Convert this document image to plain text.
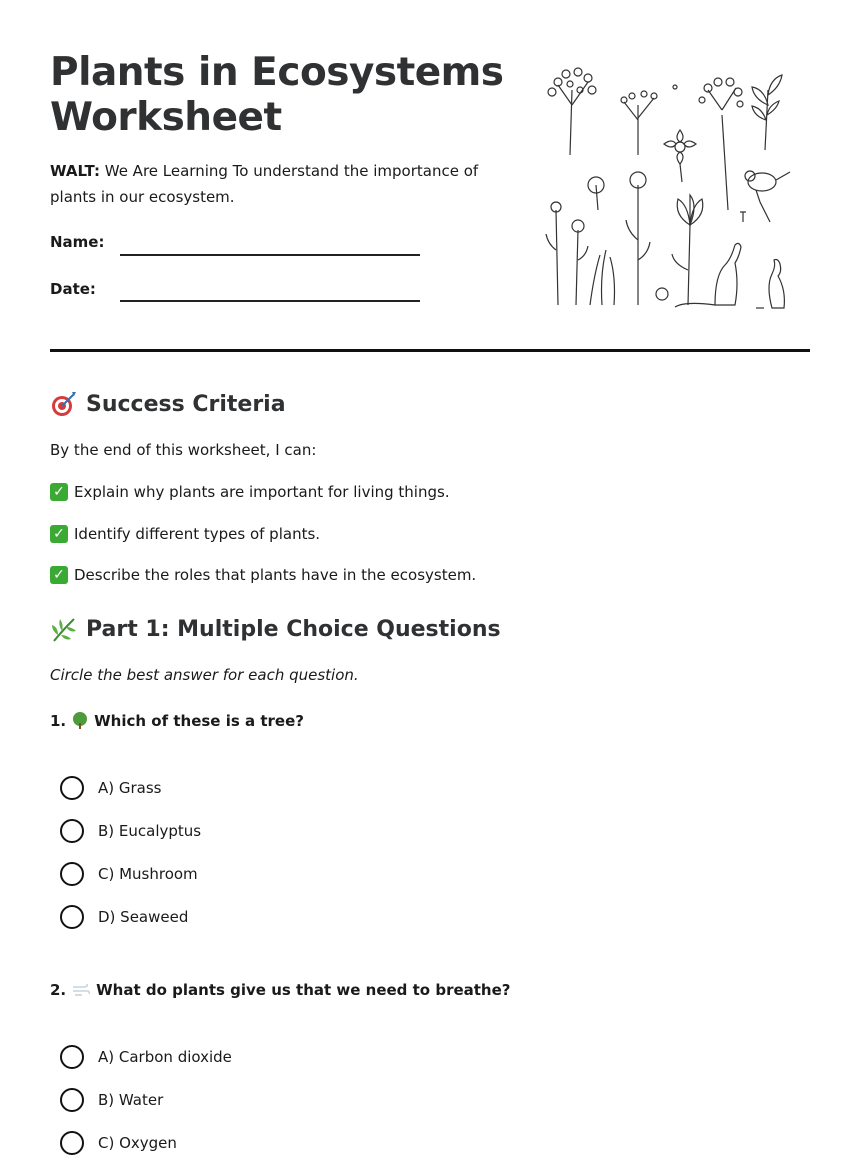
Plants in Ecosystems
Worksheet

WALT: We Are Learning To understand the importance of plants in our ecosystem.

Name:
Date:
Success Criteria

By the end of this worksheet, I can:

✓ Explain why plants are important for living things.
✓ Identify different types of plants.
✓ Describe the roles that plants have in the ecosystem.
Part 1: Multiple Choice Questions

Circle the best answer for each question.

1. Which of these is a tree?
A) Grass
B) Eucalyptus
C) Mushroom
D) Seaweed
2. What do plants give us that we need to breathe?
A) Carbon dioxide
B) Water
C) Oxygen
